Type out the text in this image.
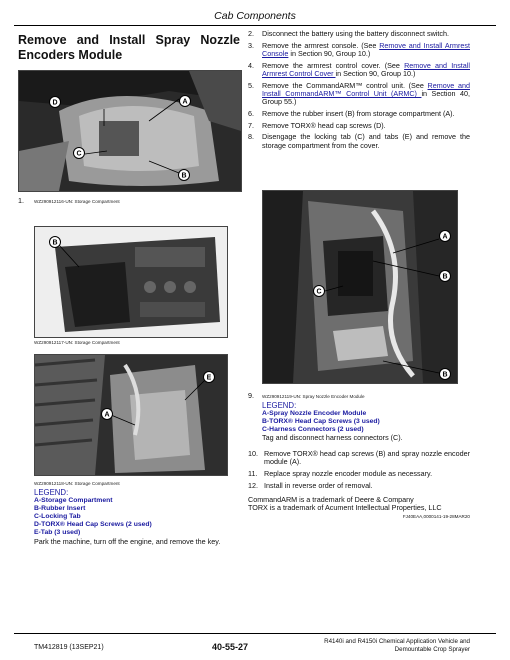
Cab Components
Remove and Install Spray Nozzle
Encoders Module
D	A
C
B
1. WZ290912116-UN: Storage Compartment
B
WZ290912117-UN: Storage Compartment
E
A
WZ290912118-UN: Storage Compartment
LEGEND:
A-Storage Compartment
B-Rubber Insert
C-Locking Tab
D-TORX® Head Cap Screws (2 used)
E-Tab (3 used)
Park the machine, turn off the engine, and remove the key.
2.	Disconnect the battery using the battery disconnect switch.
3.	Remove the armrest console. (See Remove and Install Armrest Console in Section 90, Group 10.)
4.	Remove the armrest control cover. (See Remove and Install Armrest Control Cover in Section 90, Group 10.)
5.	Remove the CommandARM™ control unit. (See Remove and Install CommandARM™ Control Unit (ARMC) in Section 40, Group 55.)
6.	Remove the rubber insert (B) from storage compartment (A).
7.	Remove TORX® head cap screws (D).
8.	Disengage the locking tab (C) and tabs (E) and remove the storage compartment from the cover.
A
B
C
B
9. WZ290912119-UN: Spray Nozzle Encoder Module
LEGEND:
A-Spray Nozzle Encoder Module
B-TORX® Head Cap Screws (3 used)
C-Harness Connectors (2 used)
Tag and disconnect harness connectors (C).
10. Remove TORX® head cap screws (B) and spray nozzle encoder module (A).
11. Replace spray nozzle encoder module as necessary.
12. Install in reverse order of removal.
CommandARM is a trademark of Deere & Company
TORX is a trademark of Acument Intellectual Properties, LLC
FJ40EAA,0000141-19-28MAR20
TM412819 (13SEP21)	40-55-27
R4140i and R4150i Chemical Application Vehicle and
Demountable Crop Sprayer
